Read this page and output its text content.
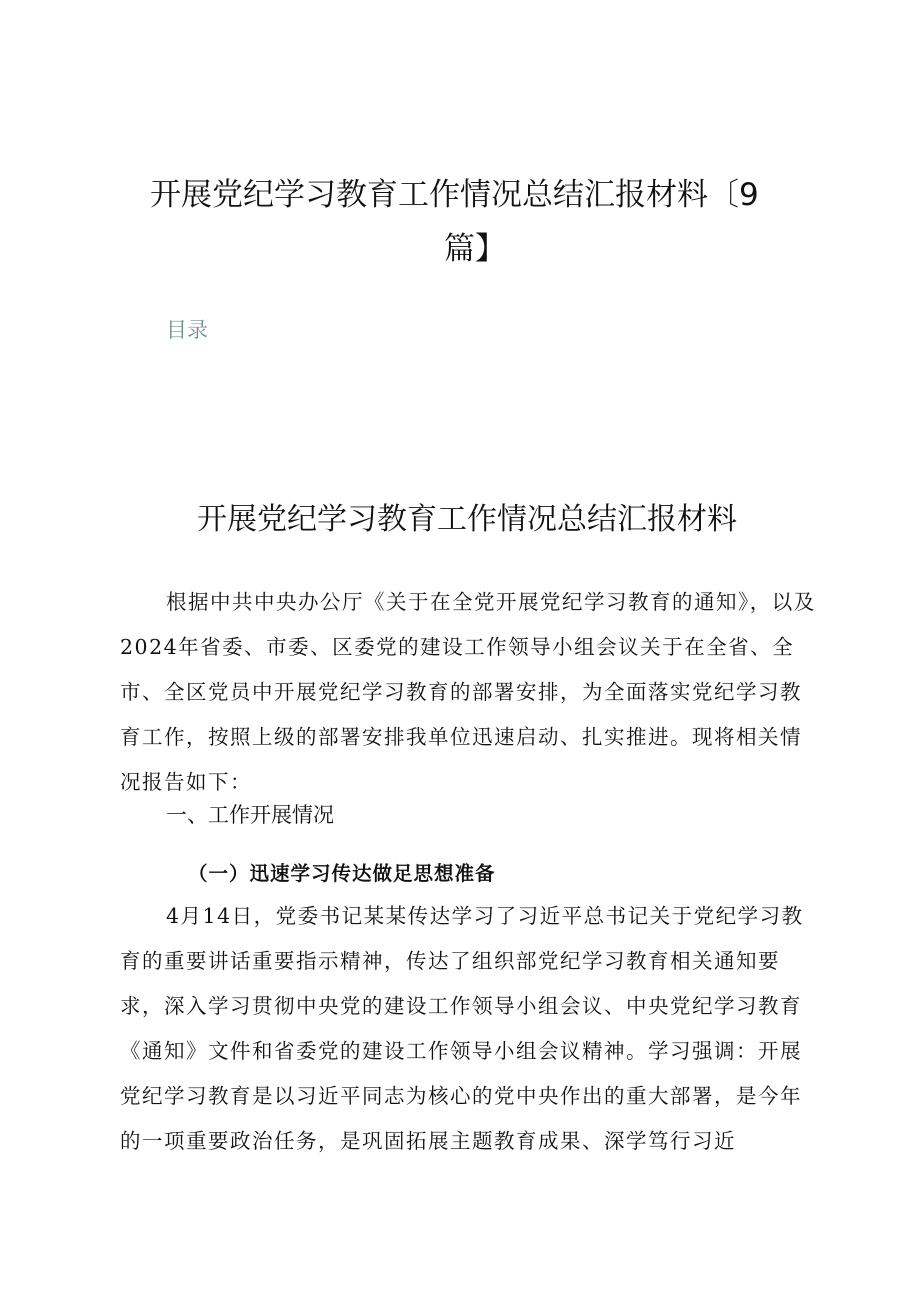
开展党纪学习教育工作情况总结汇报材料〔9
篇】
目录
开展党纪学习教育工作情况总结汇报材料

根据中共中央办公厅《关于在全党开展党纪学习教育的通知》，以及2024年省委、市委、区委党的建设工作领导小组会议关于在全省、全市、全区党员中开展党纪学习教育的部署安排，为全面落实党纪学习教育工作，按照上级的部署安排我单位迅速启动、扎实推进。现将相关情况报告如下：

一、工作开展情况
（一）迅速学习传达做足思想准备

4月14日，党委书记某某传达学习了习近平总书记关于党纪学习教育的重要讲话重要指示精神，传达了组织部党纪学习教育相关通知要求，深入学习贯彻中央党的建设工作领导小组会议、中央党纪学习教育《通知》文件和省委党的建设工作领导小组会议精神。学习强调：开展党纪学习教育是以习近平同志为核心的党中央作出的重大部署，是今年的一项重要政治任务，是巩固拓展主题教育成果、深学笃行习近
